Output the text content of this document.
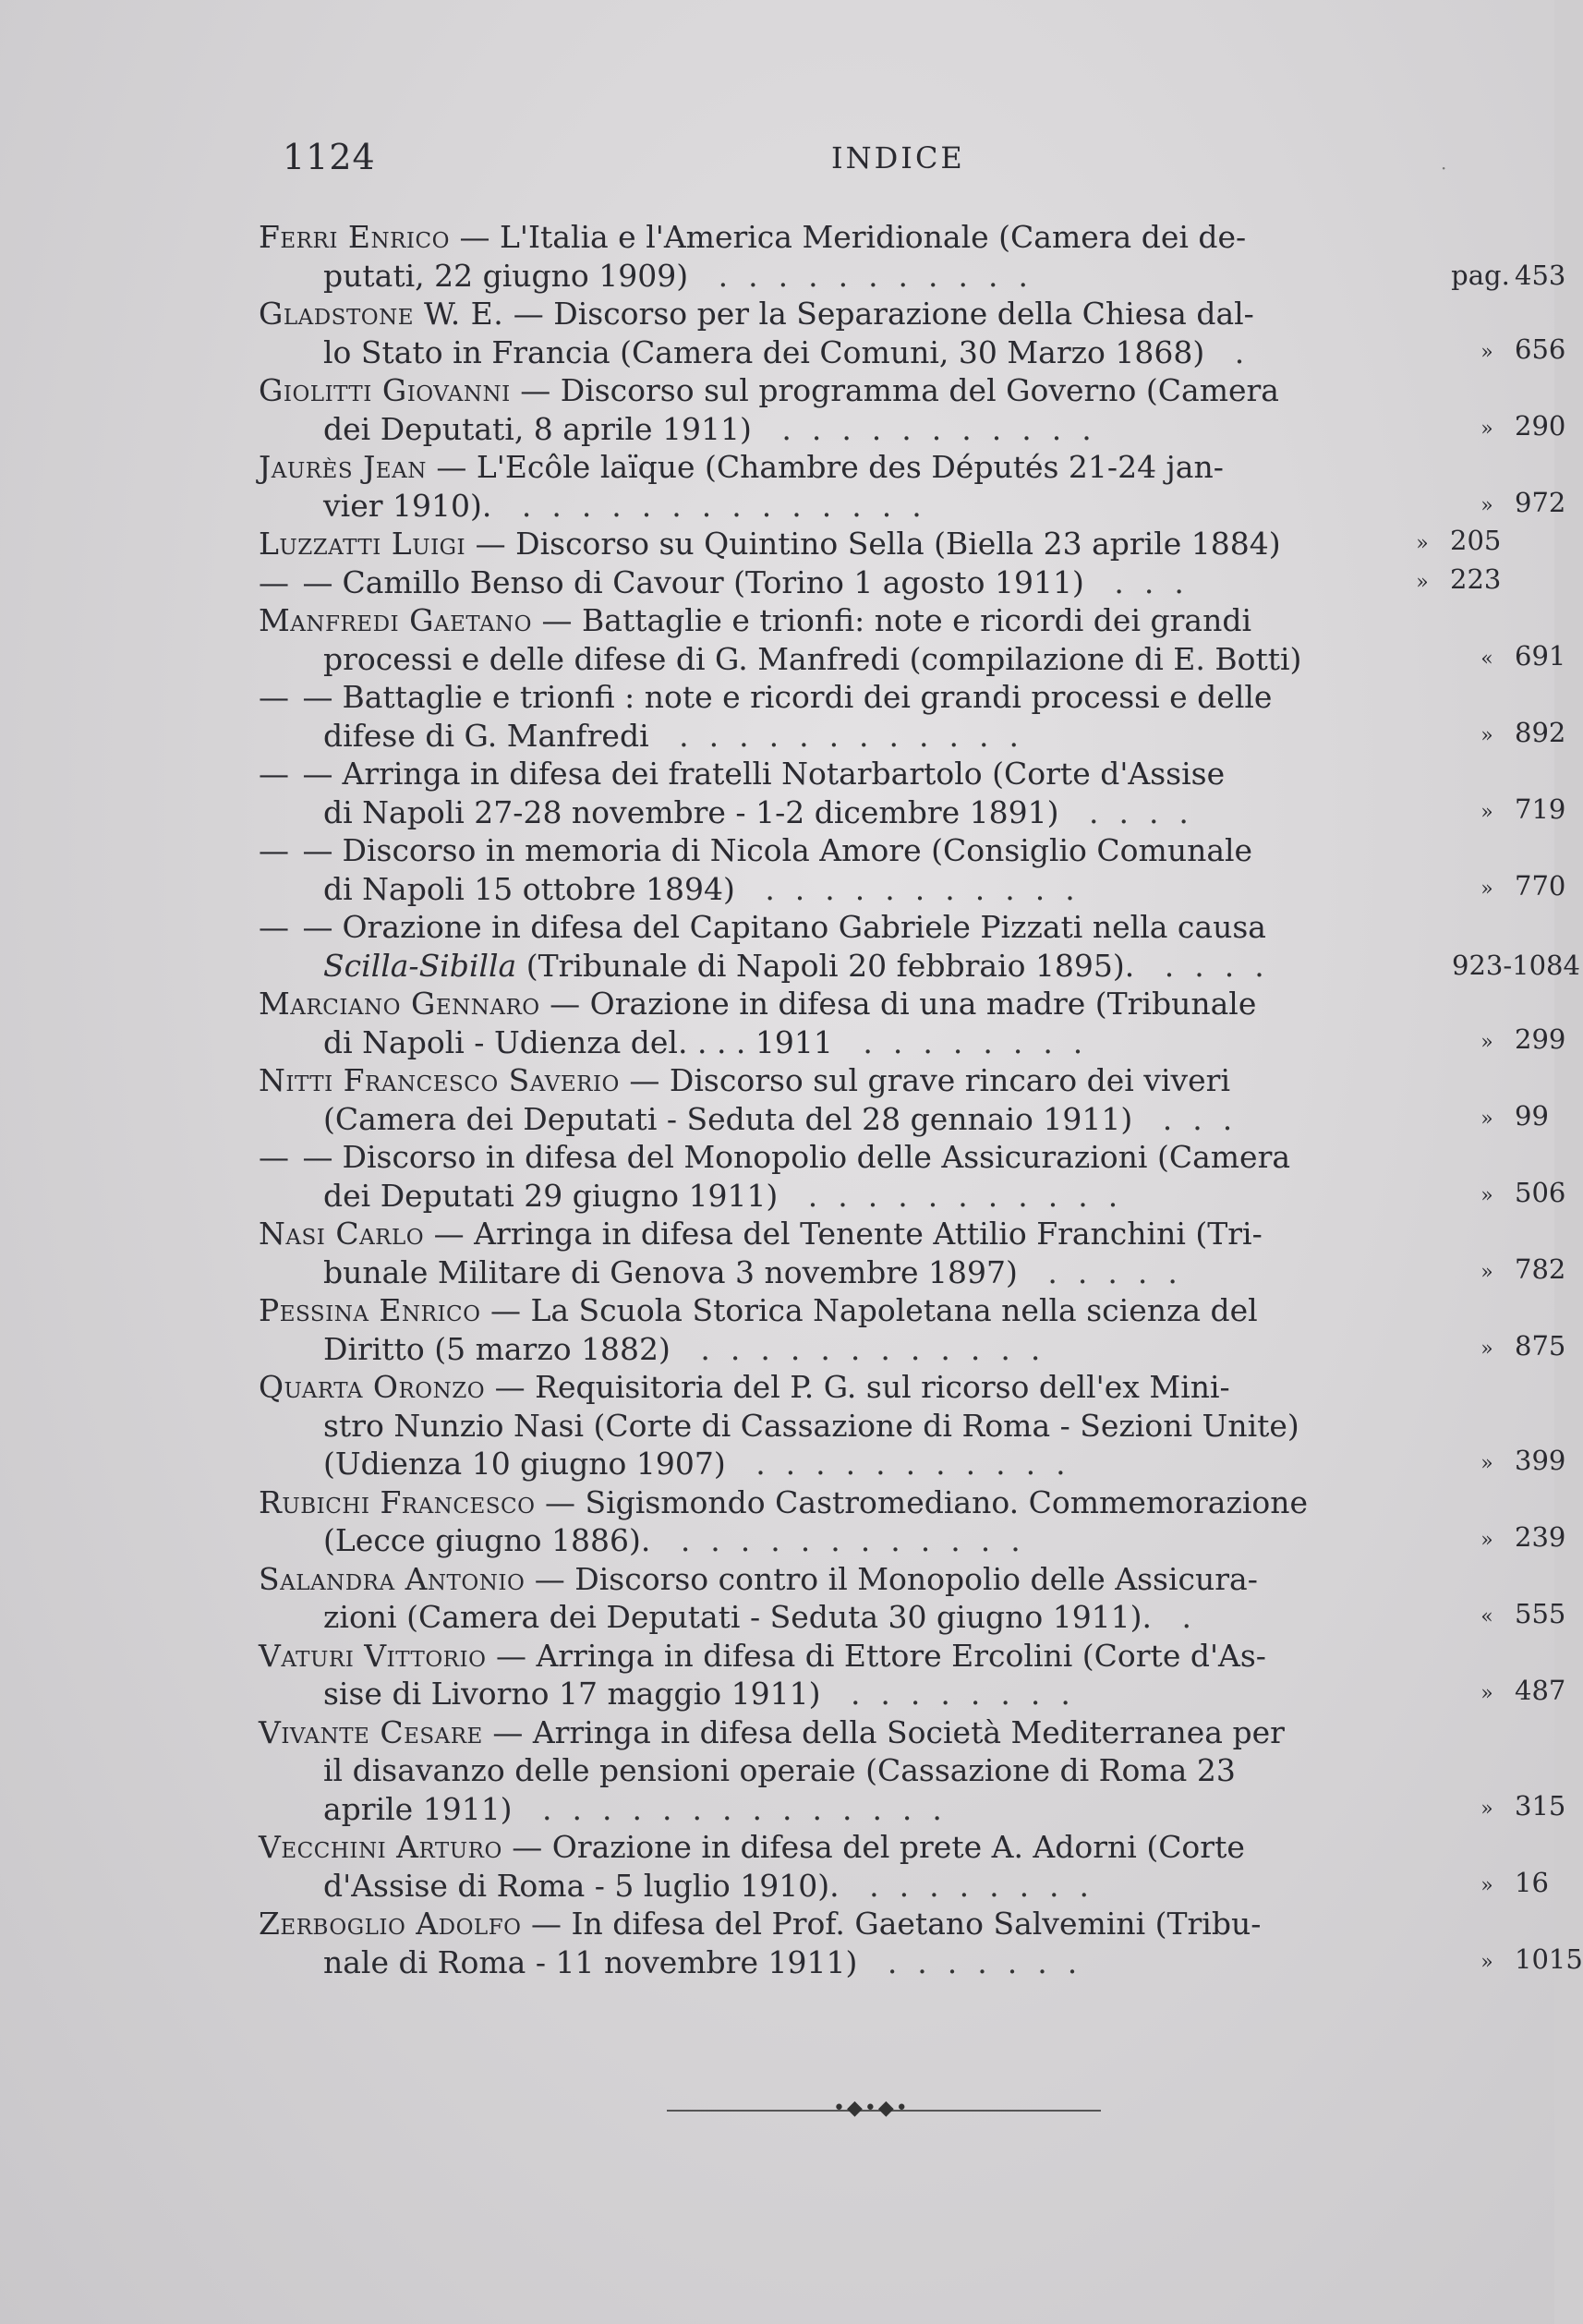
1124	INDICE	·
Ferri Enrico — L'Italia e l'America Meridionale (Camera dei de-
putati, 22 giugno 1909) ...........	pag. 453
Gladstone W. E. — Discorso per la Separazione della Chiesa dal-
lo Stato in Francia (Camera dei Comuni, 30 Marzo 1868) .	» 656
Giolitti Giovanni — Discorso sul programma del Governo (Camera
dei Deputati, 8 aprile 1911) ...........	» 290
Jaurès Jean — L'Ecôle laïque (Chambre des Députés 21-24 jan-
vier 1910). ..............	» 972
Luzzatti Luigi — Discorso su Quintino Sella (Biella 23 aprile 1884)	» 205
— — Camillo Benso di Cavour (Torino 1 agosto 1911) ...	» 223
Manfredi Gaetano — Battaglie e trionfi: note e ricordi dei grandi
processi e delle difese di G. Manfredi (compilazione di E. Botti)	« 691
— — Battaglie e trionfi : note e ricordi dei grandi processi e delle
difese di G. Manfredi ............	» 892
— — Arringa in difesa dei fratelli Notarbartolo (Corte d'Assise
di Napoli 27-28 novembre - 1-2 dicembre 1891) ....	» 719
— — Discorso in memoria di Nicola Amore (Consiglio Comunale
di Napoli 15 ottobre 1894) ...........	» 770
— — Orazione in difesa del Capitano Gabriele Pizzati nella causa
Scilla-Sibilla (Tribunale di Napoli 20 febbraio 1895). ....	923-1084
Marciano Gennaro — Orazione in difesa di una madre (Tribunale
di Napoli - Udienza del. . . . 1911 ........	» 299
Nitti Francesco Saverio — Discorso sul grave rincaro dei viveri
(Camera dei Deputati - Seduta del 28 gennaio 1911) ...	» 99
— — Discorso in difesa del Monopolio delle Assicurazioni (Camera
dei Deputati 29 giugno 1911) ...........	» 506
Nasi Carlo — Arringa in difesa del Tenente Attilio Franchini (Tri-
bunale Militare di Genova 3 novembre 1897) .....	» 782
Pessina Enrico — La Scuola Storica Napoletana nella scienza del
Diritto (5 marzo 1882) ............	» 875
Quarta Oronzo — Requisitoria del P. G. sul ricorso dell'ex Mini-
stro Nunzio Nasi (Corte di Cassazione di Roma - Sezioni Unite)
(Udienza 10 giugno 1907) ...........	» 399
Rubichi Francesco — Sigismondo Castromediano. Commemorazione
(Lecce giugno 1886). ............	» 239
Salandra Antonio — Discorso contro il Monopolio delle Assicura-
zioni (Camera dei Deputati - Seduta 30 giugno 1911). .	« 555
Vaturi Vittorio — Arringa in difesa di Ettore Ercolini (Corte d'As-
sise di Livorno 17 maggio 1911) ........	» 487
Vivante Cesare — Arringa in difesa della Società Mediterranea per
il disavanzo delle pensioni operaie (Cassazione di Roma 23
aprile 1911) ..............	» 315
Vecchini Arturo — Orazione in difesa del prete A. Adorni (Corte
d'Assise di Roma - 5 luglio 1910). ........	» 16
Zerboglio Adolfo — In difesa del Prof. Gaetano Salvemini (Tribu-
nale di Roma - 11 novembre 1911) .......	» 1015
•◆•◆•
